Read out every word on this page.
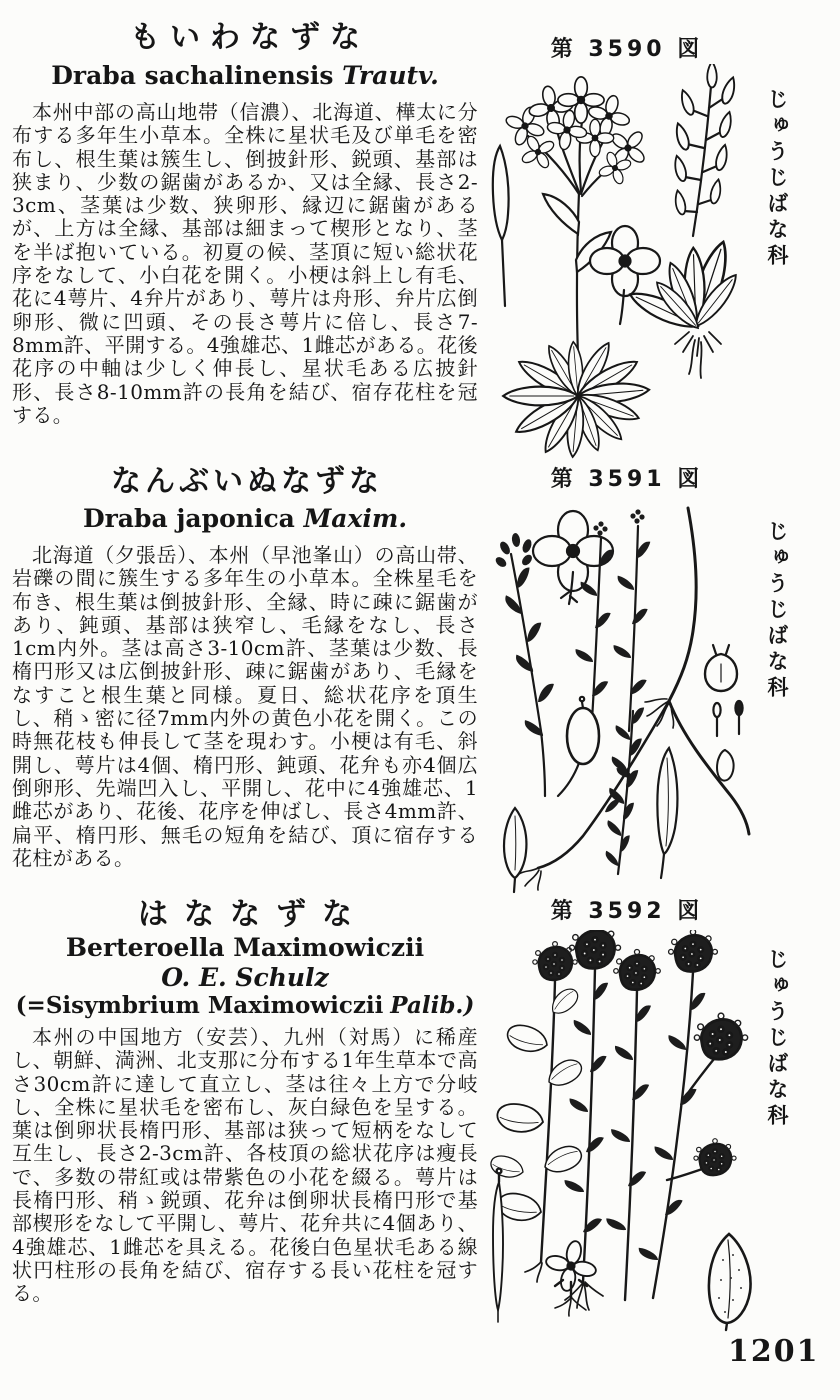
もいわなずな
Draba sachalinensis Trautv.
本州中部の高山地帯（信濃）、北海道、樺太に分布する多年生小草本。全株に星状毛及び単毛を密布し、根生葉は簇生し、倒披針形、鋭頭、基部は狭まり、少数の鋸歯があるか、又は全縁、長さ2-3cm、茎葉は少数、狭卵形、縁辺に鋸歯があるが、上方は全縁、基部は細まって楔形となり、茎を半ば抱いている。初夏の候、茎頂に短い総状花序をなして、小白花を開く。小梗は斜上し有毛、花に4萼片、4弁片があり、萼片は舟形、弁片広倒卵形、微に凹頭、その長さ萼片に倍し、長さ7-8mm許、平開する。4強雄芯、1雌芯がある。花後花序の中軸は少しく伸長し、星状毛ある広披針形、長さ8-10mm許の長角を結び、宿存花柱を冠する。
第 3590 図
じゅうじばな科
なんぶいぬなずな
Draba japonica Maxim.
北海道（夕張岳）、本州（早池峯山）の高山帯、岩礫の間に簇生する多年生の小草本。全株星毛を布き、根生葉は倒披針形、全縁、時に疎に鋸歯があり、鈍頭、基部は狭窄し、毛縁をなし、長さ1cm内外。茎は高さ3-10cm許、茎葉は少数、長楕円形又は広倒披針形、疎に鋸歯があり、毛縁をなすこと根生葉と同様。夏日、総状花序を頂生し、稍ゝ密に径7mm内外の黄色小花を開く。この時無花枝も伸長して茎を現わす。小梗は有毛、斜開し、萼片は4個、楕円形、鈍頭、花弁も亦4個広倒卵形、先端凹入し、平開し、花中に4強雄芯、1雌芯があり、花後、花序を伸ばし、長さ4mm許、扁平、楕円形、無毛の短角を結び、頂に宿存する花柱がある。
第 3591 図
じゅうじばな科
はななずな
Berteroella Maximowiczii
O. E. Schulz
(=Sisymbrium Maximowiczii Palib.)
本州の中国地方（安芸）、九州（対馬）に稀産し、朝鮮、満洲、北支那に分布する1年生草本で高さ30cm許に達して直立し、茎は往々上方で分岐し、全株に星状毛を密布し、灰白緑色を呈する。葉は倒卵状長楕円形、基部は狭って短柄をなして互生し、長さ2-3cm許、各枝頂の総状花序は瘦長で、多数の帯紅或は帯紫色の小花を綴る。萼片は長楕円形、稍ゝ鋭頭、花弁は倒卵状長楕円形で基部楔形をなして平開し、萼片、花弁共に4個あり、4強雄芯、1雌芯を具える。花後白色星状毛ある線状円柱形の長角を結び、宿存する長い花柱を冠する。
第 3592 図
じゅうじばな科
1201
